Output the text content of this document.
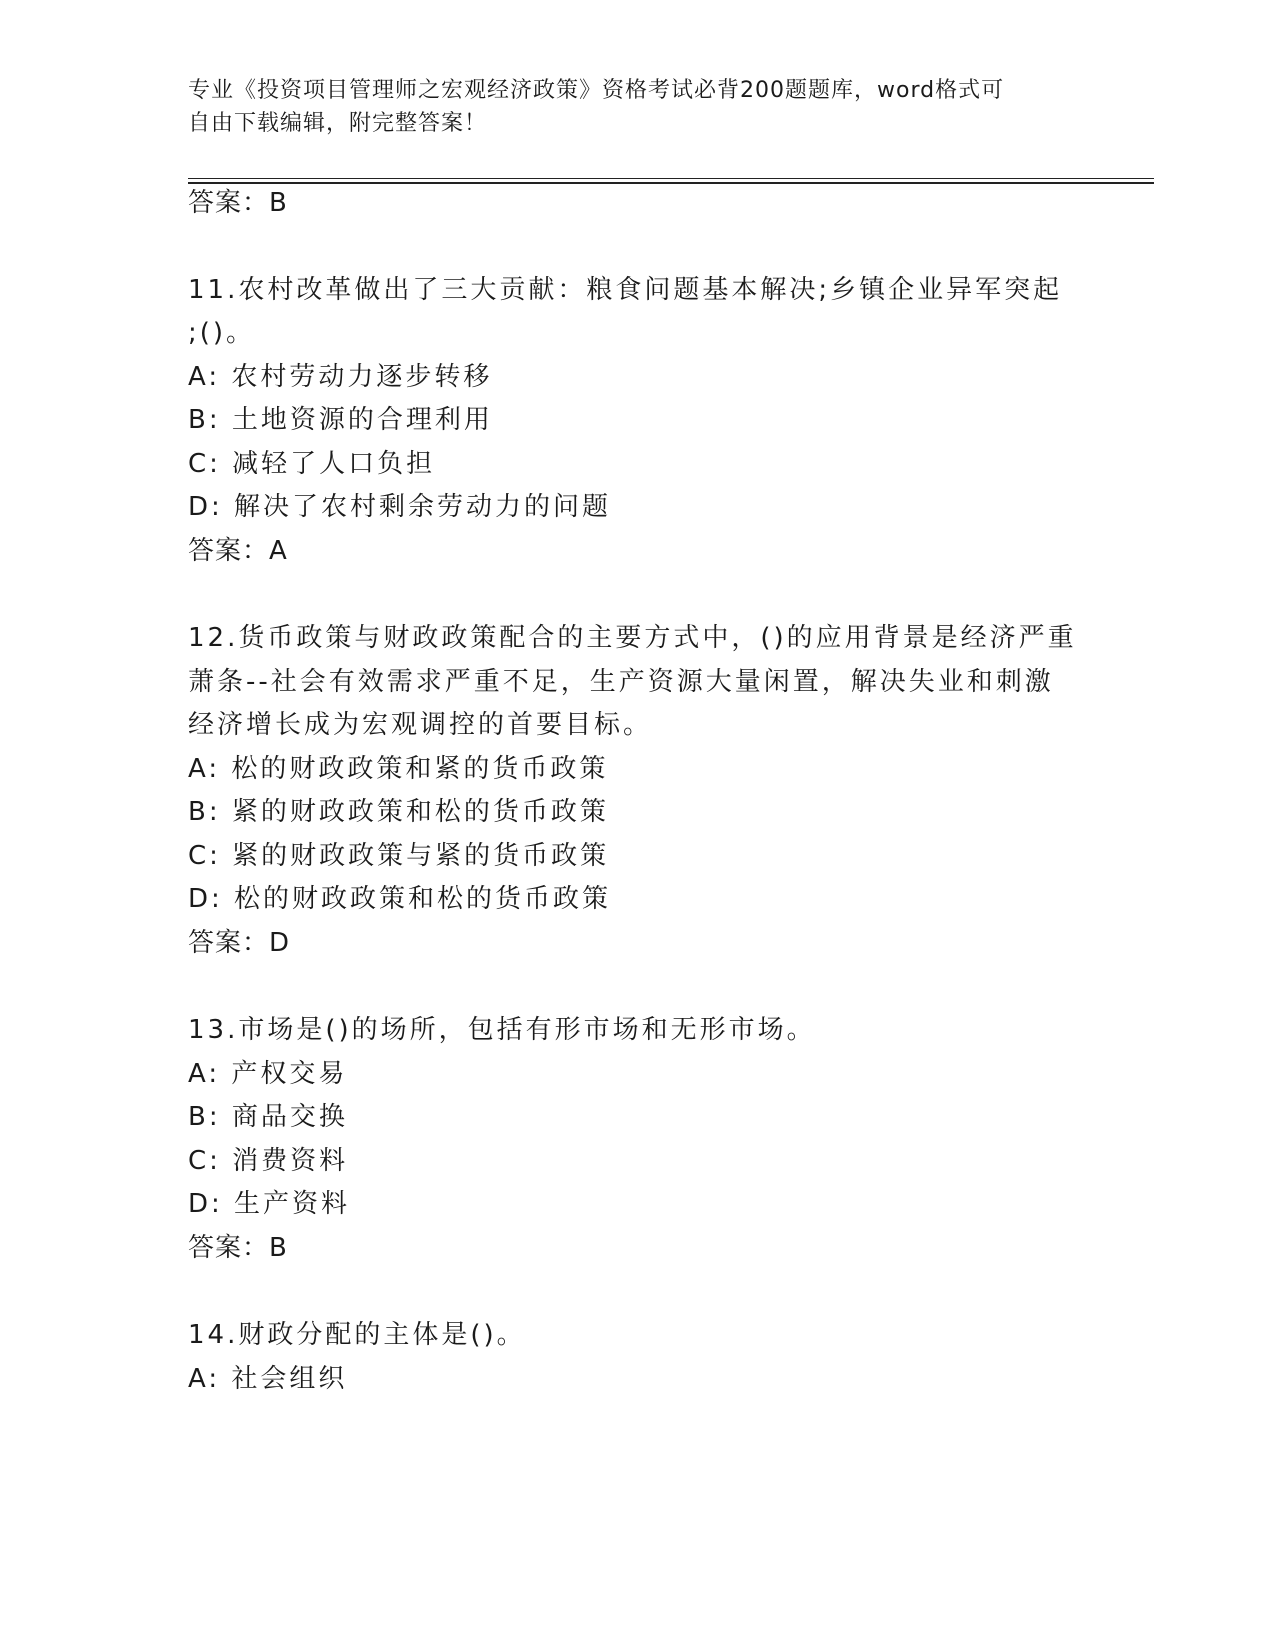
专业《投资项目管理师之宏观经济政策》资格考试必背200题题库，word格式可
自由下载编辑，附完整答案！
答案：B
11.农村改革做出了三大贡献：粮食问题基本解决;乡镇企业异军突起
;()。
A: 农村劳动力逐步转移
B: 土地资源的合理利用
C: 减轻了人口负担
D: 解决了农村剩余劳动力的问题
答案：A
12.货币政策与财政政策配合的主要方式中，()的应用背景是经济严重
萧条--社会有效需求严重不足，生产资源大量闲置，解决失业和刺激
经济增长成为宏观调控的首要目标。
A: 松的财政政策和紧的货币政策
B: 紧的财政政策和松的货币政策
C: 紧的财政政策与紧的货币政策
D: 松的财政政策和松的货币政策
答案：D
13.市场是()的场所，包括有形市场和无形市场。
A: 产权交易
B: 商品交换
C: 消费资料
D: 生产资料
答案：B
14.财政分配的主体是()。
A: 社会组织
